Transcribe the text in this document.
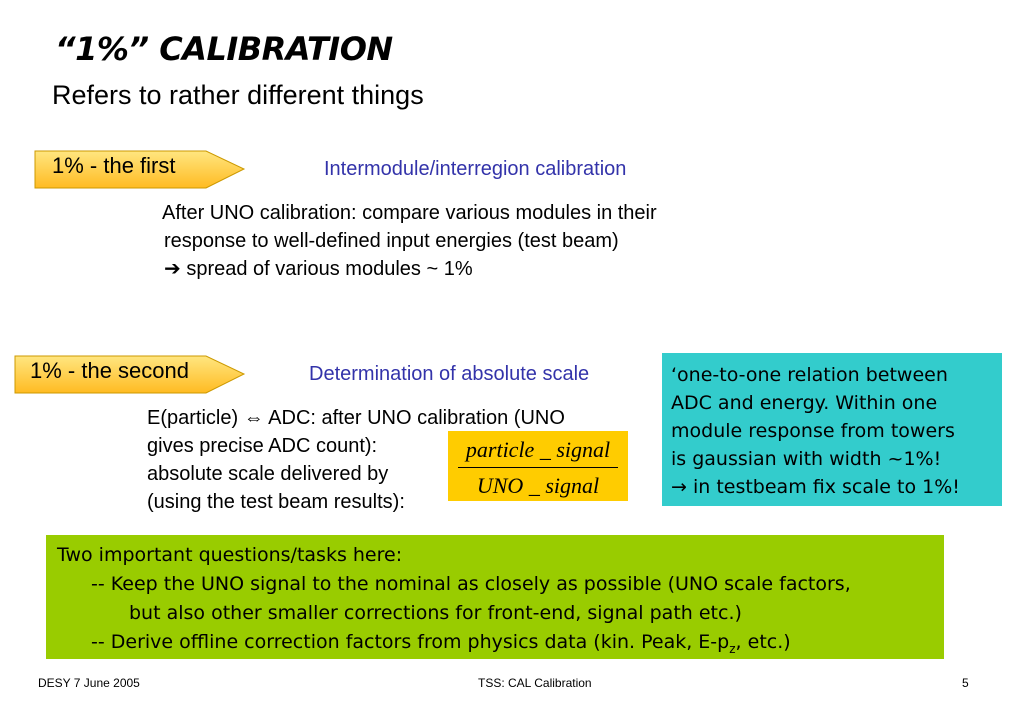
“1%” CALIBRATION
Refers to rather different things
1% - the first	Intermodule/interregion calibration
After UNO calibration: compare various modules in their
response to well-defined input energies (test beam)
➔ spread of various modules ~ 1%
1% - the second	Determination of absolute scale
E(particle) ⇔ ADC: after UNO calibration (UNO
gives precise ADC count):
absolute scale delivered by
(using the test beam results):
particle _ signal
UNO _ signal
‘one-to-one relation between
ADC and energy. Within one
module response from towers
is gaussian with width ~1%!
→ in testbeam fix scale to 1%!
Two important questions/tasks here:
-- Keep the UNO signal to the nominal as closely as possible (UNO scale factors,
but also other smaller corrections for front-end, signal path etc.)
-- Derive offline correction factors from physics data (kin. Peak, $E-p_z$, etc.)
DESY 7 June 2005	TSS: CAL Calibration	5
